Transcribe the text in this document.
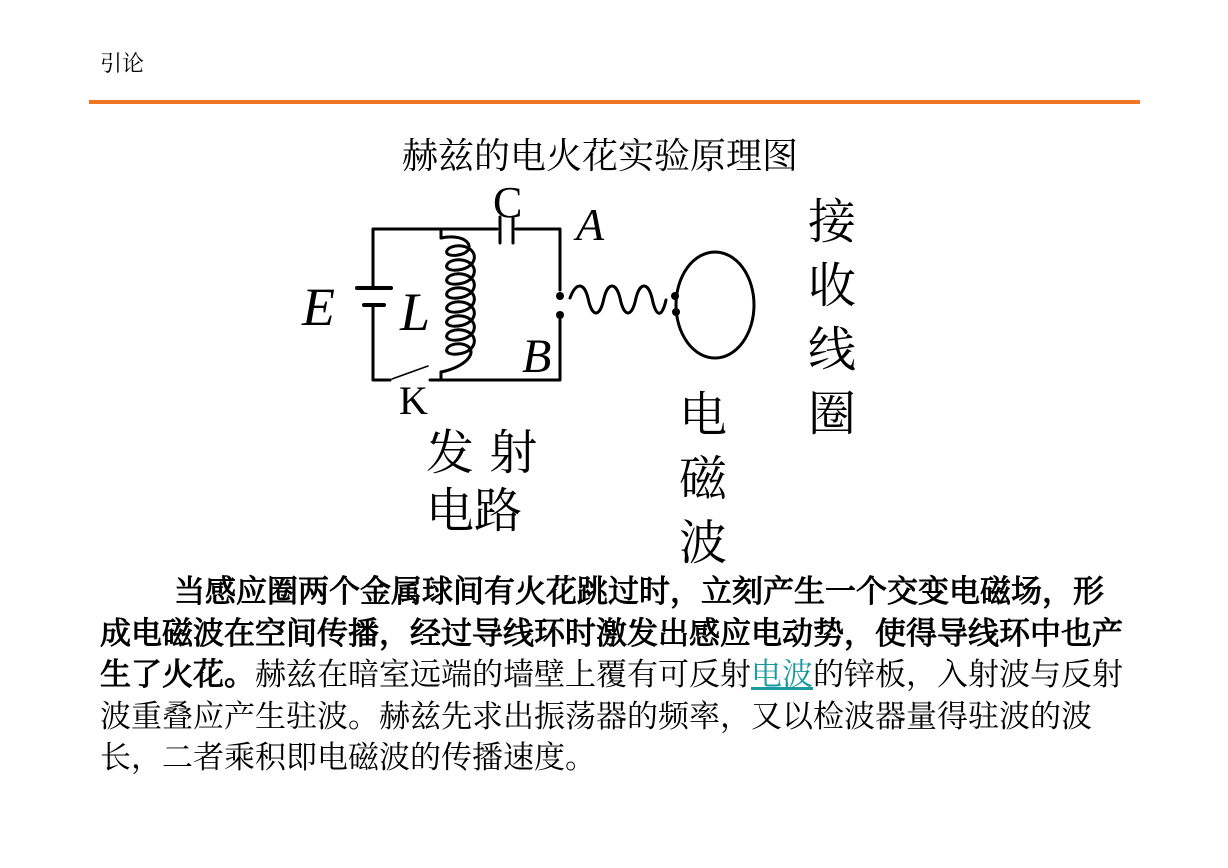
引论
赫兹的电火花实验原理图
C A
E L
B
K
发 射
电路
电
磁
波
接
收
线
圈
当感应圈两个金属球间有火花跳过时，立刻产生一个交变电磁场，形成电磁波在空间传播，经过导线环时激发出感应电动势，使得导线环中也产生了火花。赫兹在暗室远端的墙壁上覆有可反射电波的锌板，入射波与反射波重叠应产生驻波。赫兹先求出振荡器的频率，又以检波器量得驻波的波长，二者乘积即电磁波的传播速度。
